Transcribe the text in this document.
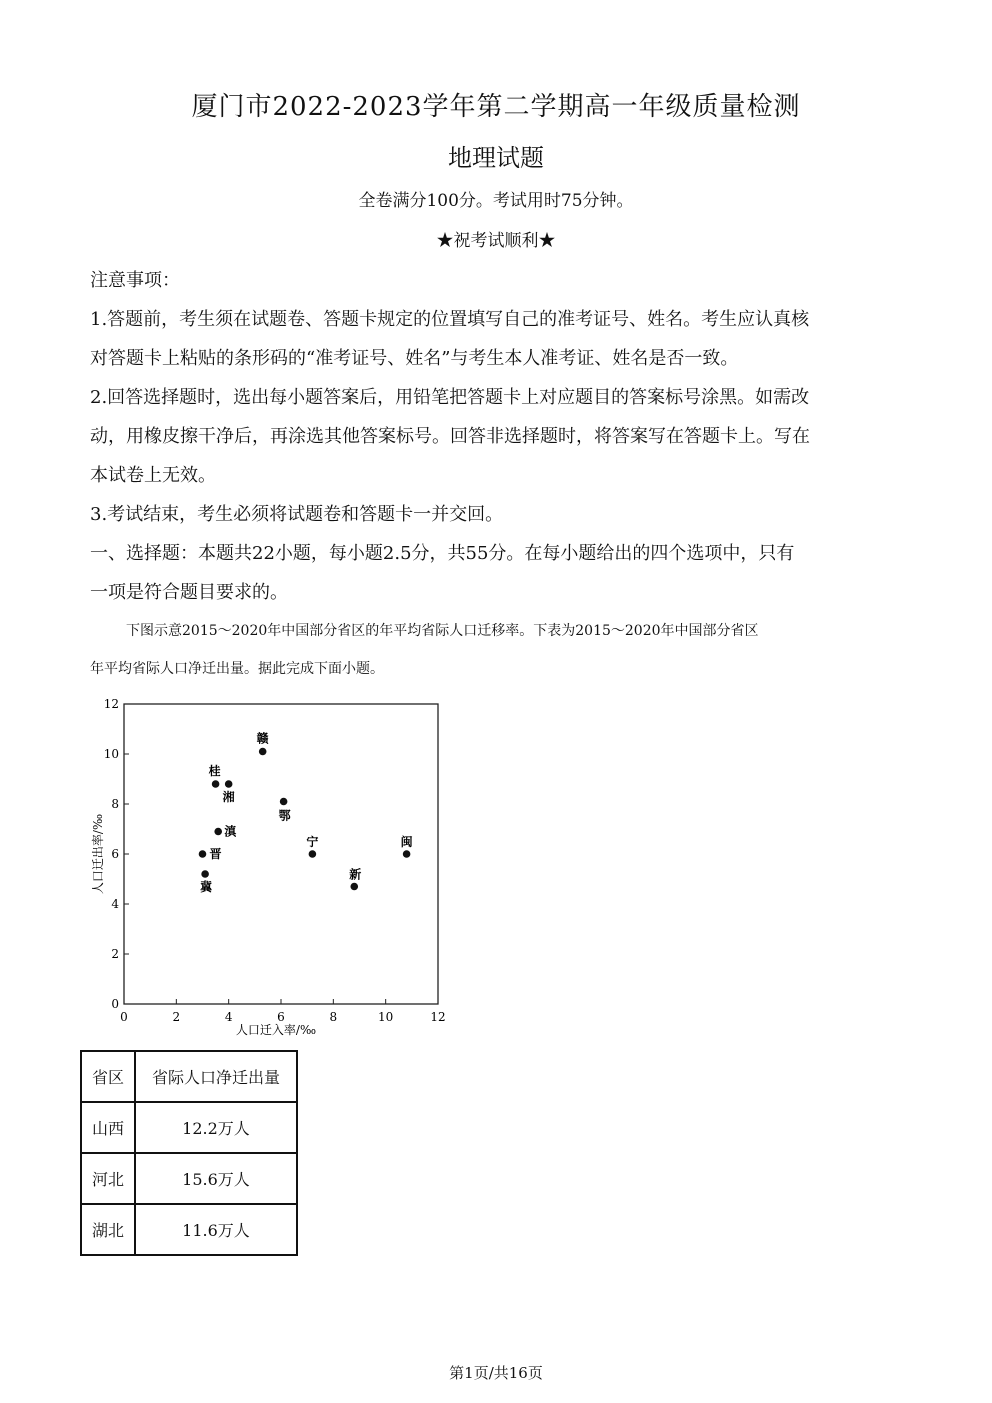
厦门市2022-2023学年第二学期高一年级质量检测
地理试题
全卷满分100分。考试用时75分钟。
★祝考试顺利★
注意事项：
1.答题前，考生须在试题卷、答题卡规定的位置填写自己的准考证号、姓名。考生应认真核
对答题卡上粘贴的条形码的“准考证号、姓名”与考生本人准考证、姓名是否一致。
2.回答选择题时，选出每小题答案后，用铅笔把答题卡上对应题目的答案标号涂黑。如需改
动，用橡皮擦干净后，再涂选其他答案标号。回答非选择题时，将答案写在答题卡上。写在
本试卷上无效。
3.考试结束，考生必须将试题卷和答题卡一并交回。
一、选择题：本题共22小题，每小题2.5分，共55分。在每小题给出的四个选项中，只有
一项是符合题目要求的。
下图示意2015～2020年中国部分省区的年平均省际人口迁移率。下表为2015～2020年中国部分省区
年平均省际人口净迁出量。据此完成下面小题。
0	2	4	6	8	10	12
0
2
4
6
8
10
12
赣
桂
湘
鄂
滇
晋
宁	闽
冀
新
人口迁入率/‰
人口迁出率/‰
省区	省际人口净迁出量
山西	12.2万人
河北	15.6万人
湖北	11.6万人
第1页/共16页
